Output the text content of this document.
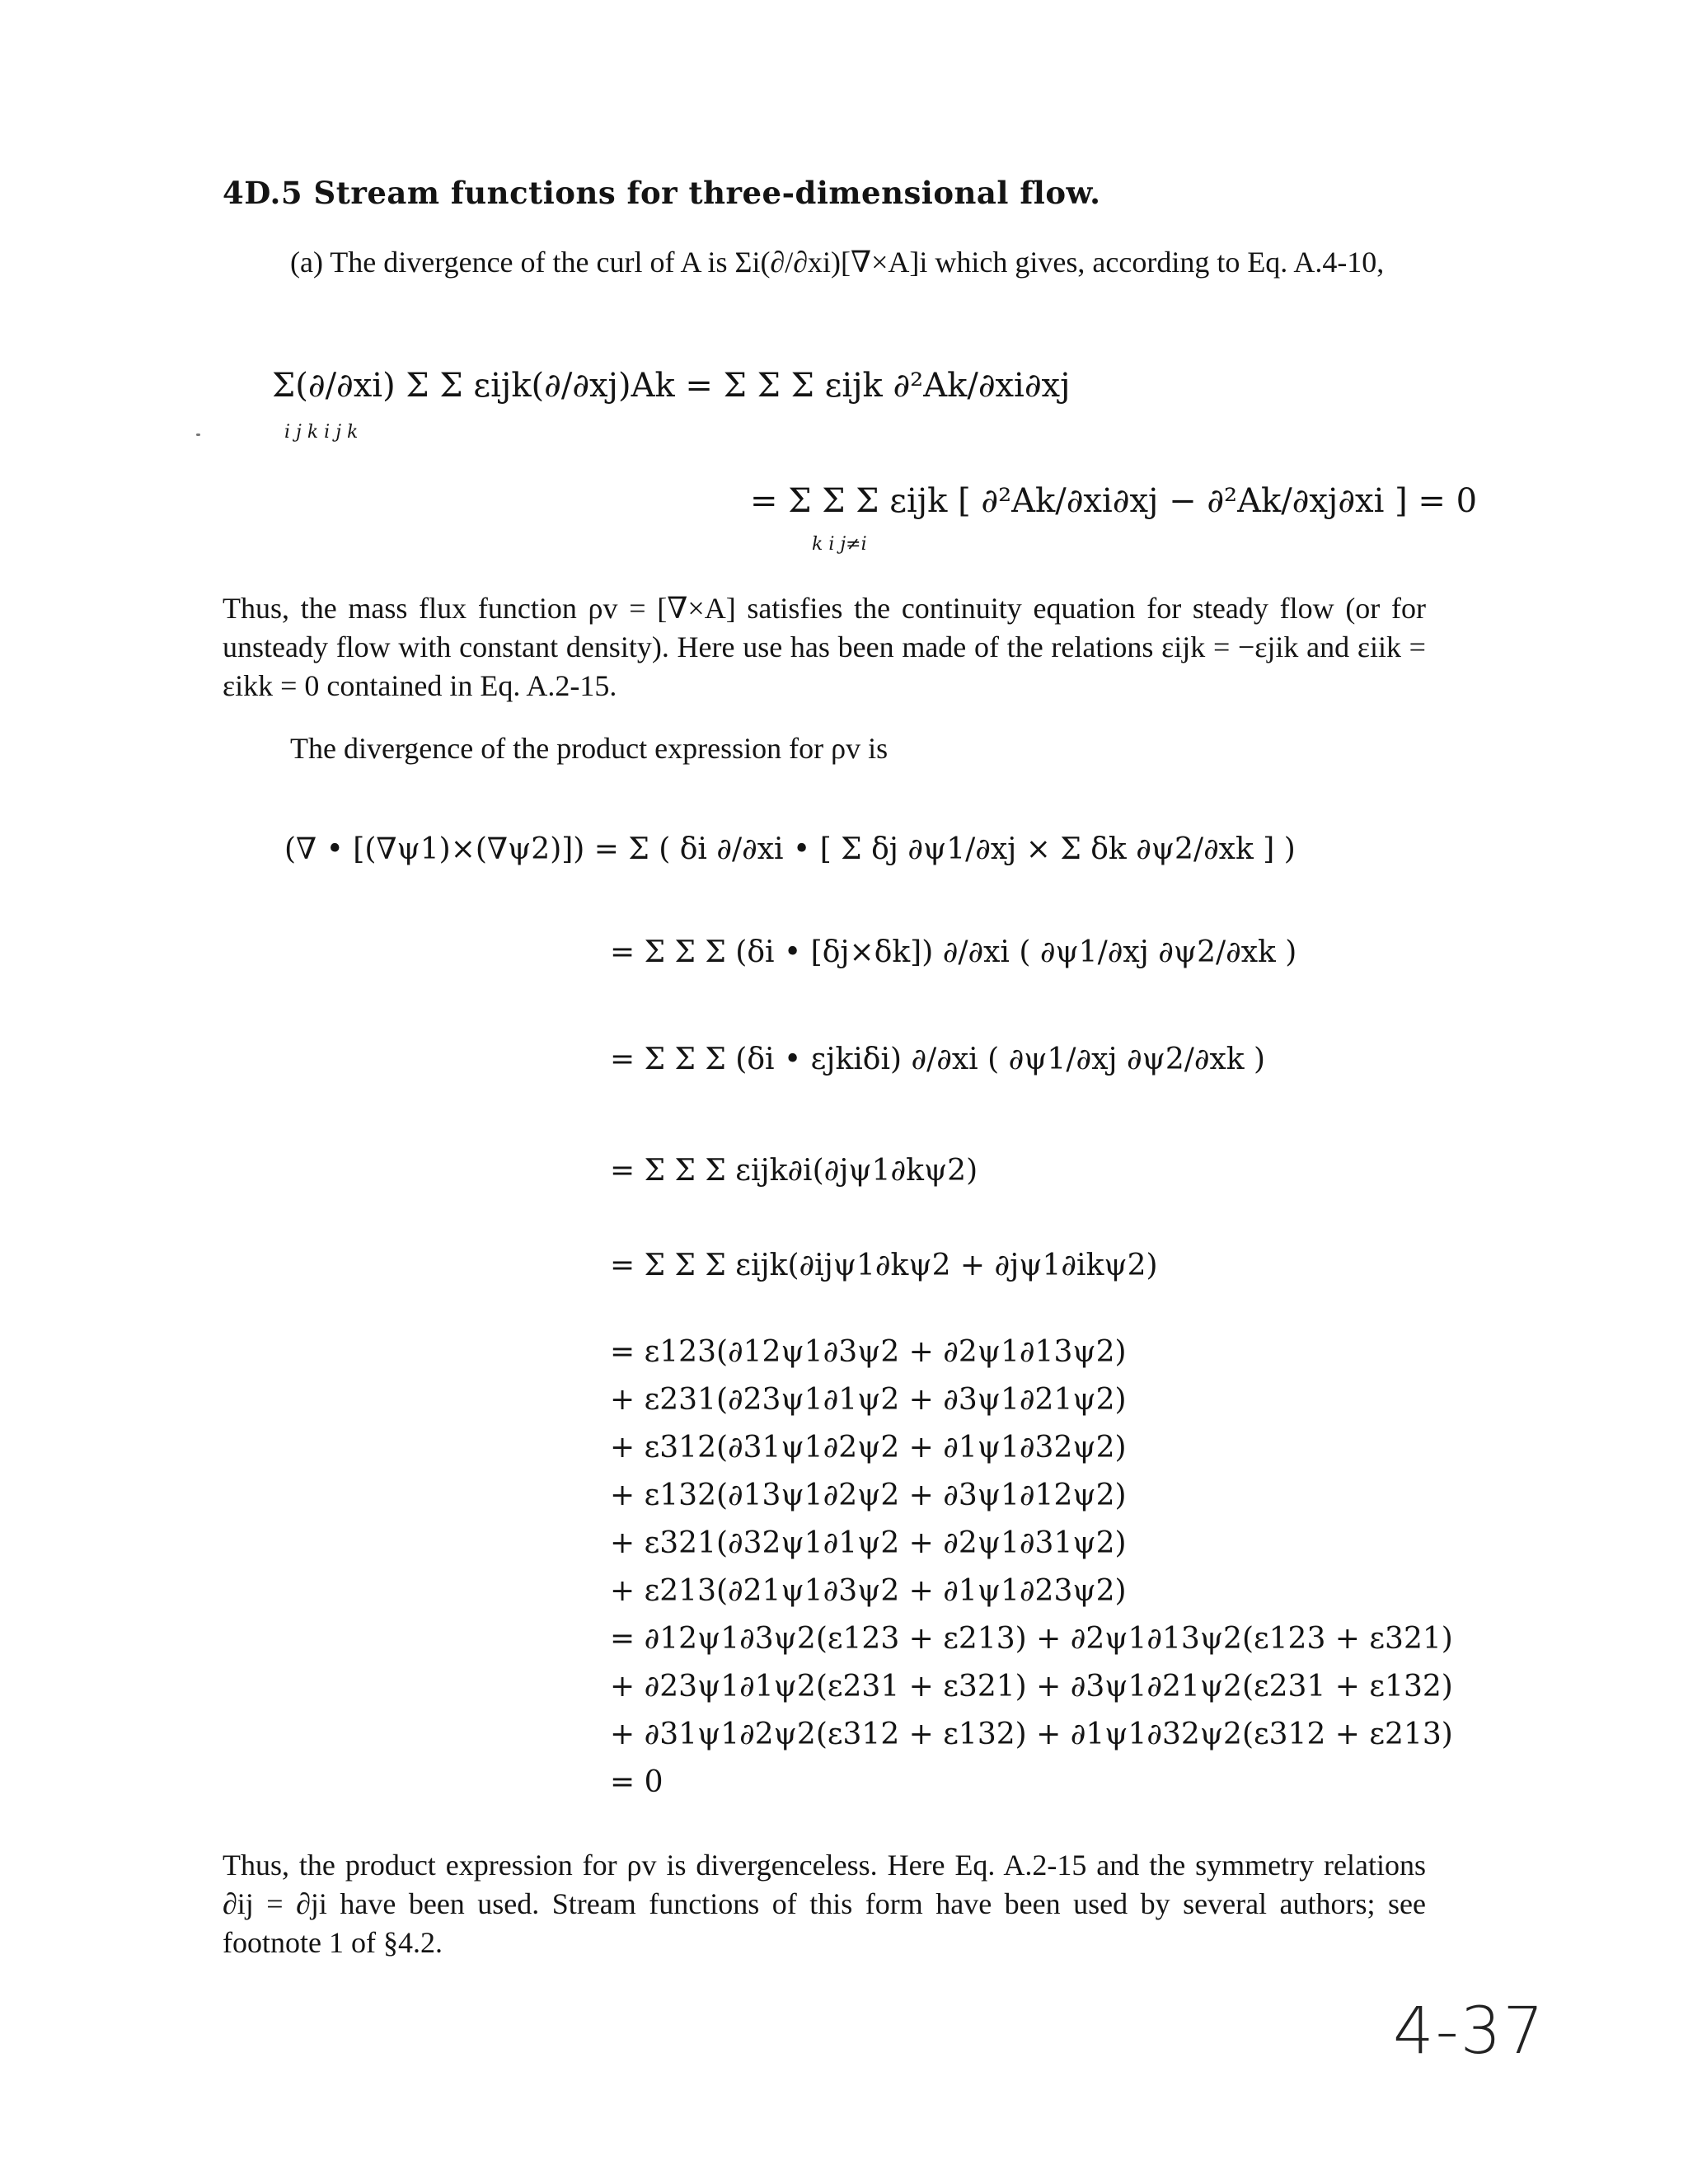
4D.5 Stream functions for three-dimensional flow.
(a) The divergence of the curl of A is Σi(∂/∂xi)[∇×A]i which gives, according to Eq. A.4-10,
Σ(∂/∂xi) Σ Σ εijk(∂/∂xj)Ak = Σ Σ Σ εijk ∂²Ak/∂xi∂xj
i j k i j k
= Σ Σ Σ εijk [ ∂²Ak/∂xi∂xj − ∂²Ak/∂xj∂xi ] = 0
k i j≠i
Thus, the mass flux function ρv = [∇×A] satisfies the continuity equation for steady flow (or for unsteady flow with constant density). Here use has been made of the relations εijk = −εjik and εiik = εikk = 0 contained in Eq. A.2-15.
The divergence of the product expression for ρv is
(∇ • [(∇ψ1)×(∇ψ2)]) = Σ ( δi ∂/∂xi • [ Σ δj ∂ψ1/∂xj × Σ δk ∂ψ2/∂xk ] )
= Σ Σ Σ (δi • [δj×δk]) ∂/∂xi ( ∂ψ1/∂xj ∂ψ2/∂xk )
= Σ Σ Σ (δi • εjkiδi) ∂/∂xi ( ∂ψ1/∂xj ∂ψ2/∂xk )
= Σ Σ Σ εijk∂i(∂jψ1∂kψ2)
= Σ Σ Σ εijk(∂ijψ1∂kψ2 + ∂jψ1∂ikψ2)
= ε123(∂12ψ1∂3ψ2 + ∂2ψ1∂13ψ2)
+ ε231(∂23ψ1∂1ψ2 + ∂3ψ1∂21ψ2)
+ ε312(∂31ψ1∂2ψ2 + ∂1ψ1∂32ψ2)
+ ε132(∂13ψ1∂2ψ2 + ∂3ψ1∂12ψ2)
+ ε321(∂32ψ1∂1ψ2 + ∂2ψ1∂31ψ2)
+ ε213(∂21ψ1∂3ψ2 + ∂1ψ1∂23ψ2)
= ∂12ψ1∂3ψ2(ε123 + ε213) + ∂2ψ1∂13ψ2(ε123 + ε321)
+ ∂23ψ1∂1ψ2(ε231 + ε321) + ∂3ψ1∂21ψ2(ε231 + ε132)
+ ∂31ψ1∂2ψ2(ε312 + ε132) + ∂1ψ1∂32ψ2(ε312 + ε213)
= 0
Thus, the product expression for ρv is divergenceless. Here Eq. A.2-15 and the symmetry relations ∂ij = ∂ji have been used. Stream functions of this form have been used by several authors; see footnote 1 of §4.2.
4-37
